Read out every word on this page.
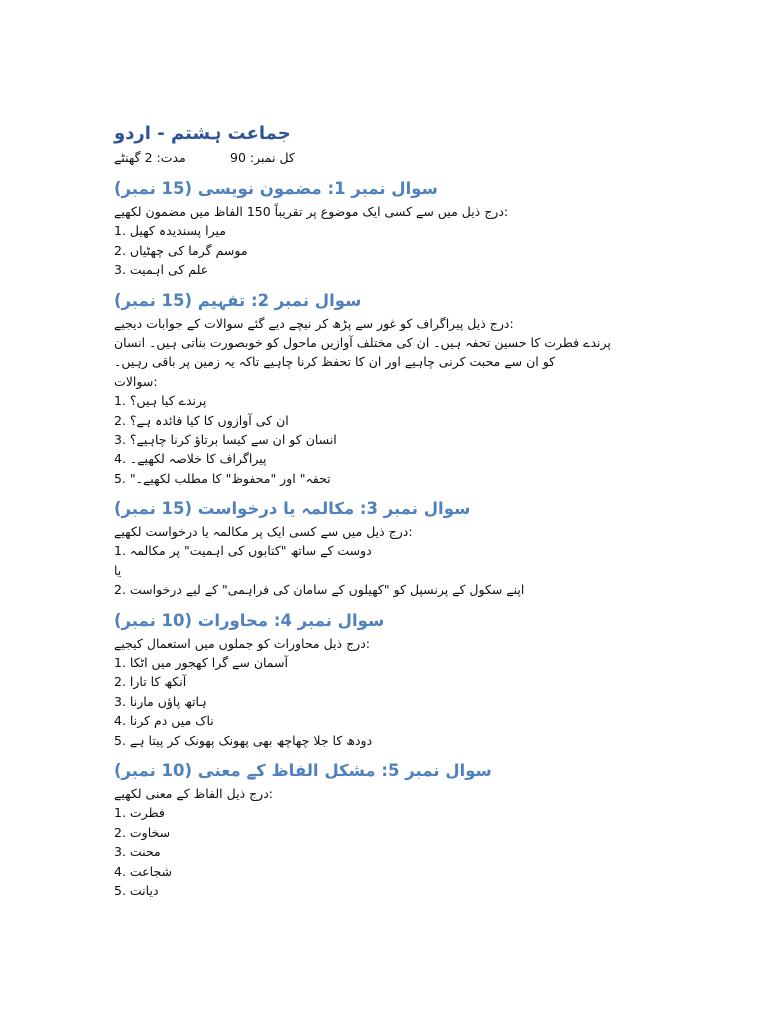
جماعت ہشتم - اردو
مدت: 2 گھنٹے	کل نمبر: 90
سوال نمبر 1: مضمون نویسی (15 نمبر)
درج ذیل میں سے کسی ایک موضوع پر تقریباً 150 الفاظ میں مضمون لکھیے:
1. میرا پسندیدہ کھیل
2. موسم گرما کی چھٹیاں
3. علم کی اہمیت
سوال نمبر 2: تفہیم (15 نمبر)
درج ذیل پیراگراف کو غور سے پڑھ کر نیچے دیے گئے سوالات کے جوابات دیجیے:
پرندے فطرت کا حسین تحفہ ہیں۔ ان کی مختلف آوازیں ماحول کو خوبصورت بناتی ہیں۔ انسان
کو ان سے محبت کرنی چاہیے اور ان کا تحفظ کرنا چاہیے تاکہ یہ زمین پر باقی رہیں۔
سوالات:
1. پرندے کیا ہیں؟
2. ان کی آوازوں کا کیا فائدہ ہے؟
3. انسان کو ان سے کیسا برتاؤ کرنا چاہیے؟
4. پیراگراف کا خلاصہ لکھیے۔
5. "تحفہ" اور "محفوظ" کا مطلب لکھیے۔
سوال نمبر 3: مکالمہ یا درخواست (15 نمبر)
درج ذیل میں سے کسی ایک پر مکالمہ یا درخواست لکھیے:
1. دوست کے ساتھ "کتابوں کی اہمیت" پر مکالمہ
یا
2. اپنے سکول کے پرنسپل کو "کھیلوں کے سامان کی فراہمی" کے لیے درخواست
سوال نمبر 4: محاورات (10 نمبر)
درج ذیل محاورات کو جملوں میں استعمال کیجیے:
1. آسمان سے گرا کھجور میں اٹکا
2. آنکھ کا تارا
3. ہاتھ پاؤں مارنا
4. ناک میں دم کرنا
5. دودھ کا جلا چھاچھ بھی پھونک پھونک کر پیتا ہے
سوال نمبر 5: مشکل الفاظ کے معنی (10 نمبر)
درج ذیل الفاظ کے معنی لکھیے:
1. فطرت
2. سخاوت
3. محنت
4. شجاعت
5. دیانت
